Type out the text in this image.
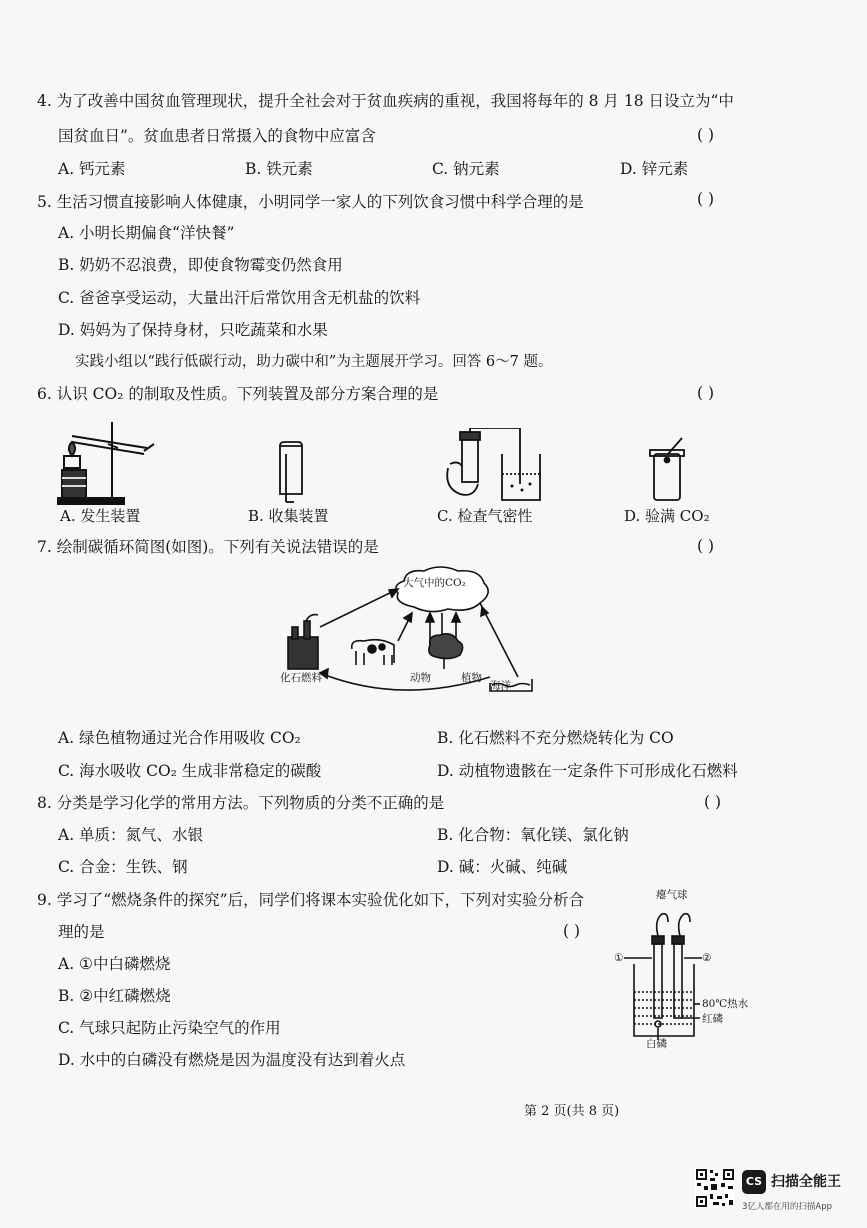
4. 为了改善中国贫血管理现状，提升全社会对于贫血疾病的重视，我国将每年的 8 月 18 日设立为“中
国贫血日”。贫血患者日常摄入的食物中应富含	( )
A. 钙元素	B. 铁元素	C. 钠元素	D. 锌元素
5. 生活习惯直接影响人体健康，小明同学一家人的下列饮食习惯中科学合理的是	( )
A. 小明长期偏食“洋快餐”
B. 奶奶不忍浪费，即使食物霉变仍然食用
C. 爸爸享受运动，大量出汗后常饮用含无机盐的饮料
D. 妈妈为了保持身材，只吃蔬菜和水果
实践小组以“践行低碳行动，助力碳中和”为主题展开学习。回答 6～7 题。
6. 认识 CO₂ 的制取及性质。下列装置及部分方案合理的是	( )
A. 发生装置	B. 收集装置	C. 检查气密性	D. 验满 CO₂
7. 绘制碳循环简图(如图)。下列有关说法错误的是	( )
大气中的CO₂
化石燃料	动物	植物
海洋
A. 绿色植物通过光合作用吸收 CO₂	B. 化石燃料不充分燃烧转化为 CO
C. 海水吸收 CO₂ 生成非常稳定的碳酸	D. 动植物遗骸在一定条件下可形成化石燃料
8. 分类是学习化学的常用方法。下列物质的分类不正确的是	( )
A. 单质：氮气、水银	B. 化合物：氧化镁、氯化钠
C. 合金：生铁、钢	D. 碱：火碱、纯碱
9. 学习了“燃烧条件的探究”后，同学们将课本实验优化如下，下列对实验分析合
理的是	( )
A. ①中白磷燃烧
B. ②中红磷燃烧
C. 气球只起防止污染空气的作用
D. 水中的白磷没有燃烧是因为温度没有达到着火点
瘪气球
①	②
80℃热水
红磷
白磷
第 2 页(共 8 页)
CS 扫描全能王
3亿人都在用的扫描App
